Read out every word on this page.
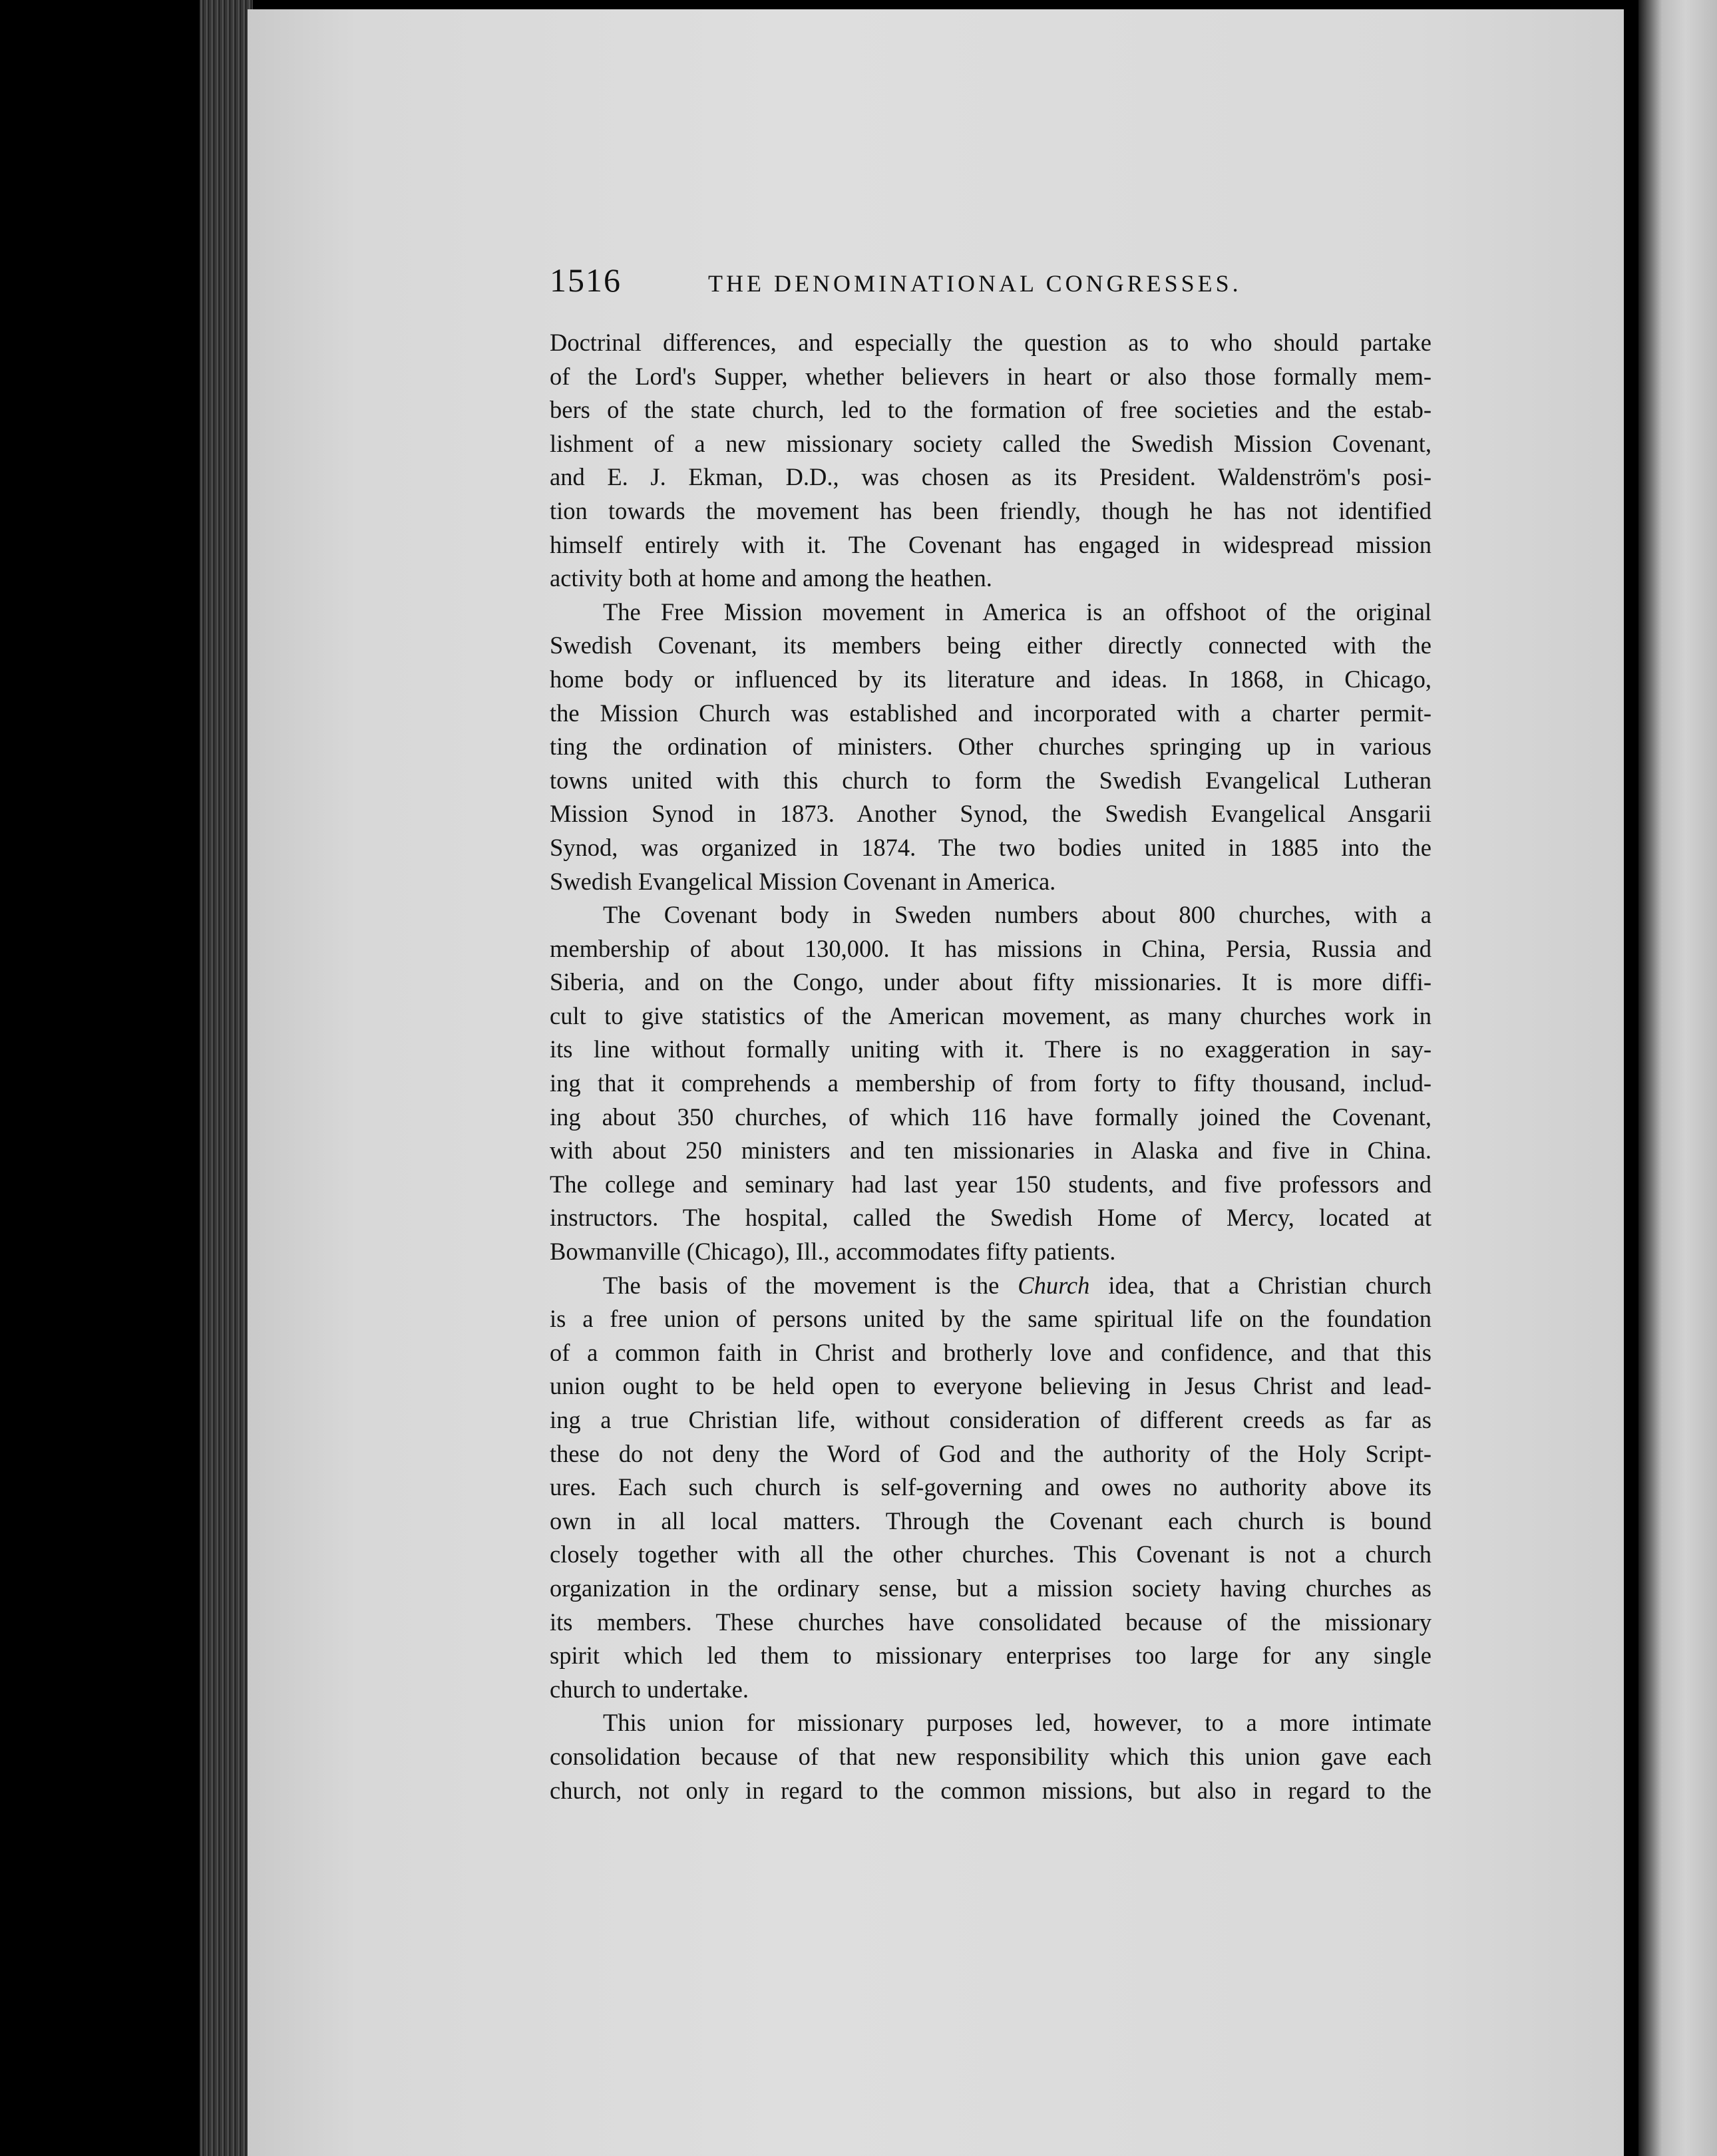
1516	THE DENOMINATIONAL CONGRESSES.

Doctrinal differences, and especially the question as to who should partake
of the Lord's Supper, whether believers in heart or also those formally mem-
bers of the state church, led to the formation of free societies and the estab-
lishment of a new missionary society called the Swedish Mission Covenant,
and E. J. Ekman, D.D., was chosen as its President. Waldenström's posi-
tion towards the movement has been friendly, though he has not identified
himself entirely with it. The Covenant has engaged in widespread mission
activity both at home and among the heathen.

The Free Mission movement in America is an offshoot of the original
Swedish Covenant, its members being either directly connected with the
home body or influenced by its literature and ideas. In 1868, in Chicago,
the Mission Church was established and incorporated with a charter permit-
ting the ordination of ministers. Other churches springing up in various
towns united with this church to form the Swedish Evangelical Lutheran
Mission Synod in 1873. Another Synod, the Swedish Evangelical Ansgarii
Synod, was organized in 1874. The two bodies united in 1885 into the
Swedish Evangelical Mission Covenant in America.

The Covenant body in Sweden numbers about 800 churches, with a
membership of about 130,000. It has missions in China, Persia, Russia and
Siberia, and on the Congo, under about fifty missionaries. It is more diffi-
cult to give statistics of the American movement, as many churches work in
its line without formally uniting with it. There is no exaggeration in say-
ing that it comprehends a membership of from forty to fifty thousand, includ-
ing about 350 churches, of which 116 have formally joined the Covenant,
with about 250 ministers and ten missionaries in Alaska and five in China.
The college and seminary had last year 150 students, and five professors and
instructors. The hospital, called the Swedish Home of Mercy, located at
Bowmanville (Chicago), Ill., accommodates fifty patients.

The basis of the movement is the Church idea, that a Christian church
is a free union of persons united by the same spiritual life on the foundation
of a common faith in Christ and brotherly love and confidence, and that this
union ought to be held open to everyone believing in Jesus Christ and lead-
ing a true Christian life, without consideration of different creeds as far as
these do not deny the Word of God and the authority of the Holy Script-
ures. Each such church is self-governing and owes no authority above its
own in all local matters. Through the Covenant each church is bound
closely together with all the other churches. This Covenant is not a church
organization in the ordinary sense, but a mission society having churches as
its members. These churches have consolidated because of the missionary
spirit which led them to missionary enterprises too large for any single
church to undertake.

This union for missionary purposes led, however, to a more intimate
consolidation because of that new responsibility which this union gave each
church, not only in regard to the common missions, but also in regard to the
